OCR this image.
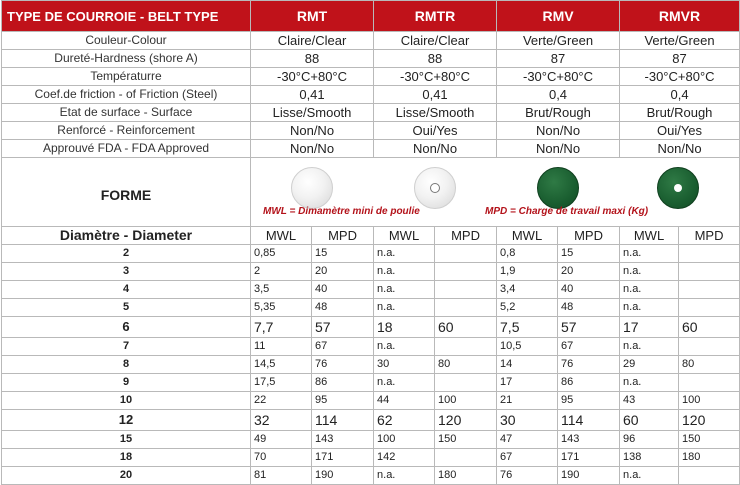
TYPE DE COURROIE - BELT TYPE	RMT		RMTR		RMV		RMVR	
Couleur-Colour	Claire/Clear		Claire/Clear		Verte/Green		Verte/Green	
Dureté-Hardness (shore A)	88		88		87		87	
Températurre	-30°C+80°C		-30°C+80°C		-30°C+80°C		-30°C+80°C	
Coef.de friction - of Friction (Steel)	0,41		0,41		0,4		0,4	
Etat de surface - Surface	Lisse/Smooth		Lisse/Smooth		Brut/Rough		Brut/Rough	
Renforcé - Reinforcement	Non/No		Oui/Yes		Non/No		Oui/Yes	
Approuvé FDA - FDA Approved	Non/No		Non/No		Non/No		Non/No	
FORME	MWL = Dimamètre mini de poulie MPD = Charge de travail maxi (Kg)							

Diamètre - Diameter	MWL	MPD	MWL	MPD	MWL	MPD	MWL	MPD
2	0,85	15	n.a.		0,8	15	n.a.	
3	2	20	n.a.		1,9	20	n.a.	
4	3,5	40	n.a.		3,4	40	n.a.	
5	5,35	48	n.a.		5,2	48	n.a.	
6	7,7	57	18	60	7,5	57	17	60
7	11	67	n.a.		10,5	67	n.a.	
8	14,5	76	30	80	14	76	29	80
9	17,5	86	n.a.		17	86	n.a.	
10	22	95	44	100	21	95	43	100
12	32	114	62	120	30	114	60	120
15	49	143	100	150	47	143	96	150
18	70	171	142		67	171	138	180
20	81	190	n.a.	180	76	190	n.a.	
